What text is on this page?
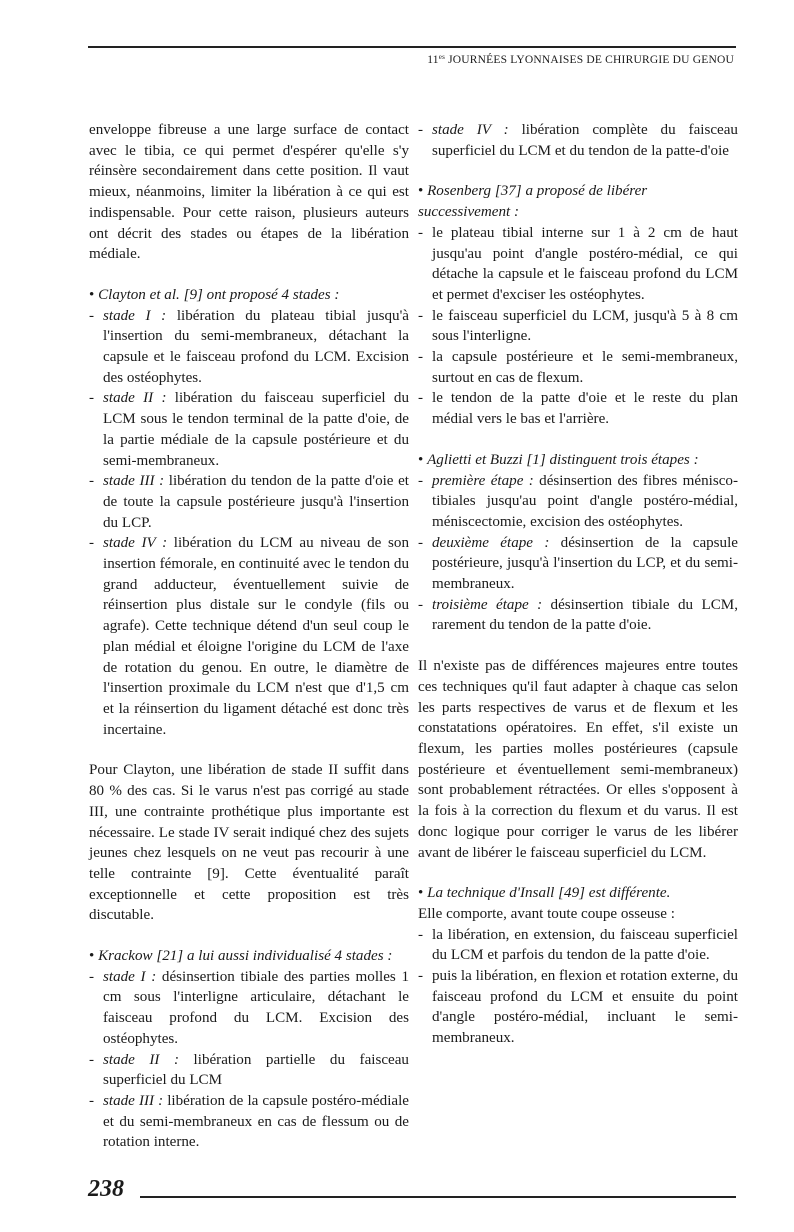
$11^{es}$ JOURNÉES LYONNAISES DE CHIRURGIE DU GENOU

enveloppe fibreuse a une large surface de contact avec le tibia, ce qui permet d'espérer qu'elle s'y réinsère secondairement dans cette position. Il vaut mieux, néanmoins, limiter la libération à ce qui est indispensable. Pour cette raison, plusieurs auteurs ont décrit des stades ou étapes de la libération médiale.

• Clayton et al. [9] ont proposé 4 stades :

- stade I : libération du plateau tibial jusqu'à l'insertion du semi-membraneux, détachant la capsule et le faisceau profond du LCM. Excision des ostéophytes.
- stade II : libération du faisceau superficiel du LCM sous le tendon terminal de la patte d'oie, de la partie médiale de la capsule postérieure et du semi-membraneux.
- stade III : libération du tendon de la patte d'oie et de toute la capsule postérieure jusqu'à l'insertion du LCP.
- stade IV : libération du LCM au niveau de son insertion fémorale, en continuité avec le tendon du grand adducteur, éventuellement suivie de réinsertion plus distale sur le condyle (fils ou agrafe). Cette technique détend d'un seul coup le plan médial et éloigne l'origine du LCM de l'axe de rotation du genou. En outre, le diamètre de l'insertion proximale du LCM n'est que d'1,5 cm et la réinsertion du ligament détaché est donc très incertaine.

Pour Clayton, une libération de stade II suffit dans 80 % des cas. Si le varus n'est pas corrigé au stade III, une contrainte prothétique plus importante est nécessaire. Le stade IV serait indiqué chez des sujets jeunes chez lesquels on ne veut pas recourir à une telle contrainte [9]. Cette éventualité paraît exceptionnelle et cette proposition est très discutable.

• Krackow [21] a lui aussi individualisé 4 stades :

- stade I : désinsertion tibiale des parties molles 1 cm sous l'interligne articulaire, détachant le faisceau profond du LCM. Excision des ostéophytes.
- stade II : libération partielle du faisceau superficiel du LCM
- stade III : libération de la capsule postéro-médiale et du semi-membraneux en cas de flessum ou de rotation interne.
- stade IV : libération complète du faisceau superficiel du LCM et du tendon de la patte-d'oie

• Rosenberg [37] a proposé de libérer successivement :

- le plateau tibial interne sur 1 à 2 cm de haut jusqu'au point d'angle postéro-médial, ce qui détache la capsule et le faisceau profond du LCM et permet d'exciser les ostéophytes.
- le faisceau superficiel du LCM, jusqu'à 5 à 8 cm sous l'interligne.
- la capsule postérieure et le semi-membraneux, surtout en cas de flexum.
- le tendon de la patte d'oie et le reste du plan médial vers le bas et l'arrière.

• Aglietti et Buzzi [1] distinguent trois étapes :

- première étape : désinsertion des fibres ménisco-tibiales jusqu'au point d'angle postéro-médial, méniscectomie, excision des ostéophytes.
- deuxième étape : désinsertion de la capsule postérieure, jusqu'à l'insertion du LCP, et du semi-membraneux.
- troisième étape : désinsertion tibiale du LCM, rarement du tendon de la patte d'oie.

Il n'existe pas de différences majeures entre toutes ces techniques qu'il faut adapter à chaque cas selon les parts respectives de varus et de flexum et les constatations opératoires. En effet, s'il existe un flexum, les parties molles postérieures (capsule postérieure et éventuellement semi-membraneux) sont probablement rétractées. Or elles s'opposent à la fois à la correction du flexum et du varus. Il est donc logique pour corriger le varus de les libérer avant de libérer le faisceau superficiel du LCM.

• La technique d'Insall [49] est différente.

Elle comporte, avant toute coupe osseuse :

- la libération, en extension, du faisceau superficiel du LCM et parfois du tendon de la patte d'oie.
- puis la libération, en flexion et rotation externe, du faisceau profond du LCM et ensuite du point d'angle postéro-médial, incluant le semi-membraneux.
238
